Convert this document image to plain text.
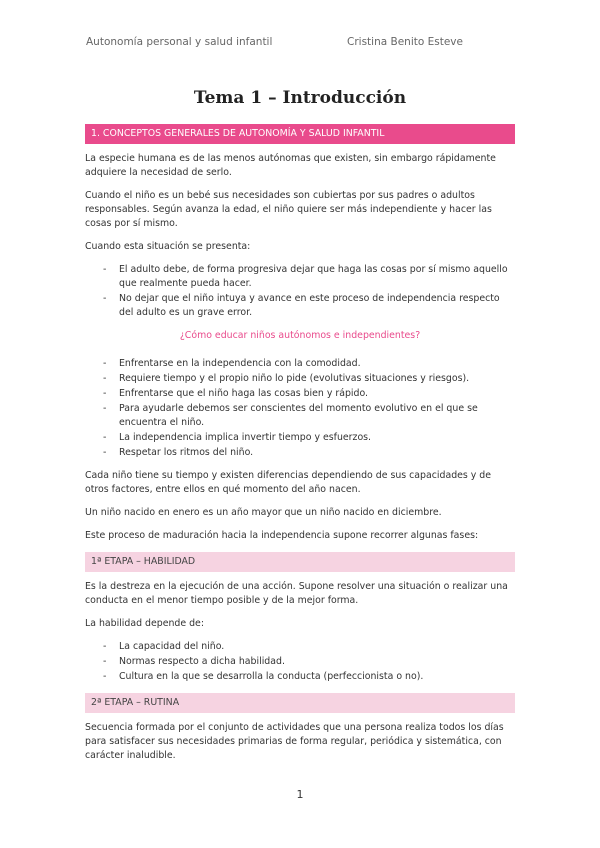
Autonomía personal y salud infantil	Cristina Benito Esteve
Tema 1 – Introducción
1. CONCEPTOS GENERALES DE AUTONOMÍA Y SALUD INFANTIL

La especie humana es de las menos autónomas que existen, sin embargo rápidamente adquiere la necesidad de serlo.

Cuando el niño es un bebé sus necesidades son cubiertas por sus padres o adultos responsables. Según avanza la edad, el niño quiere ser más independiente y hacer las cosas por sí mismo.

Cuando esta situación se presenta:

- El adulto debe, de forma progresiva dejar que haga las cosas por sí mismo aquello que realmente pueda hacer.
- No dejar que el niño intuya y avance en este proceso de independencia respecto del adulto es un grave error.
¿Cómo educar niños autónomos e independientes?
- Enfrentarse en la independencia con la comodidad.
- Requiere tiempo y el propio niño lo pide (evolutivas situaciones y riesgos).
- Enfrentarse que el niño haga las cosas bien y rápido.
- Para ayudarle debemos ser conscientes del momento evolutivo en el que se encuentra el niño.
- La independencia implica invertir tiempo y esfuerzos.
- Respetar los ritmos del niño.

Cada niño tiene su tiempo y existen diferencias dependiendo de sus capacidades y de otros factores, entre ellos en qué momento del año nacen.

Un niño nacido en enero es un año mayor que un niño nacido en diciembre.

Este proceso de maduración hacia la independencia supone recorrer algunas fases:

1ª ETAPA – HABILIDAD

Es la destreza en la ejecución de una acción. Supone resolver una situación o realizar una conducta en el menor tiempo posible y de la mejor forma.

La habilidad depende de:

- La capacidad del niño.
- Normas respecto a dicha habilidad.
- Cultura en la que se desarrolla la conducta (perfeccionista o no).
2ª ETAPA – RUTINA

Secuencia formada por el conjunto de actividades que una persona realiza todos los días para satisfacer sus necesidades primarias de forma regular, periódica y sistemática, con carácter inaludible.

1
